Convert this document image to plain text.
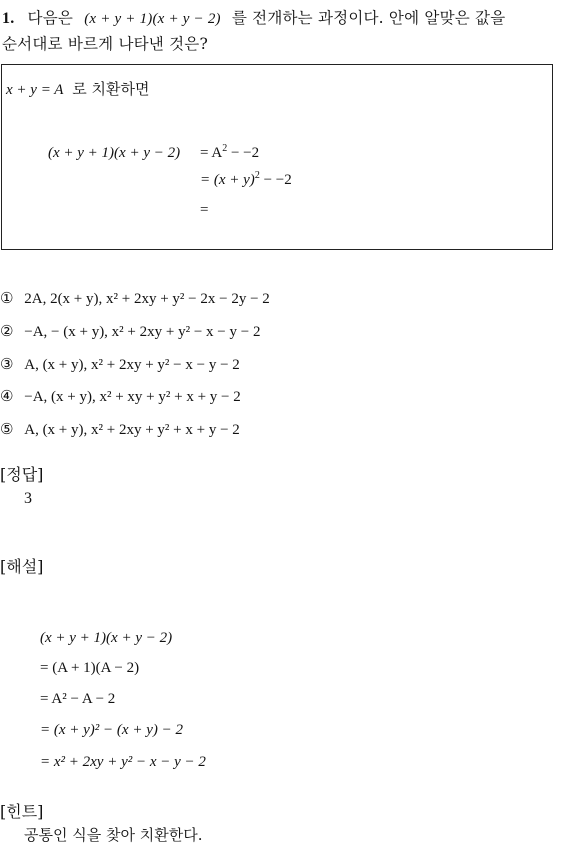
1. 다음은 (x + y + 1)(x + y − 2) 를 전개하는 과정이다. 안에 알맞은 값을
순서대로 바르게 나타낸 것은?
x + y = A 로 치환하면
$(x + y + 1)(x + y - 2) = A^2 - -2$
= $(x + y)^2 - -2$
=
① 2A, 2(x + y), x² + 2xy + y² − 2x − 2y − 2
② −A, − (x + y), x² + 2xy + y² − x − y − 2
③ A, (x + y), x² + 2xy + y² − x − y − 2
④ −A, (x + y), x² + xy + y² + x + y − 2
⑤ A, (x + y), x² + 2xy + y² + x + y − 2
[정답]
3
[해설]
(x + y + 1)(x + y − 2)
= (A + 1)(A − 2)
= A² − A − 2
= (x + y)² − (x + y) − 2
= x² + 2xy + y² − x − y − 2
[힌트]
공통인 식을 찾아 치환한다.
